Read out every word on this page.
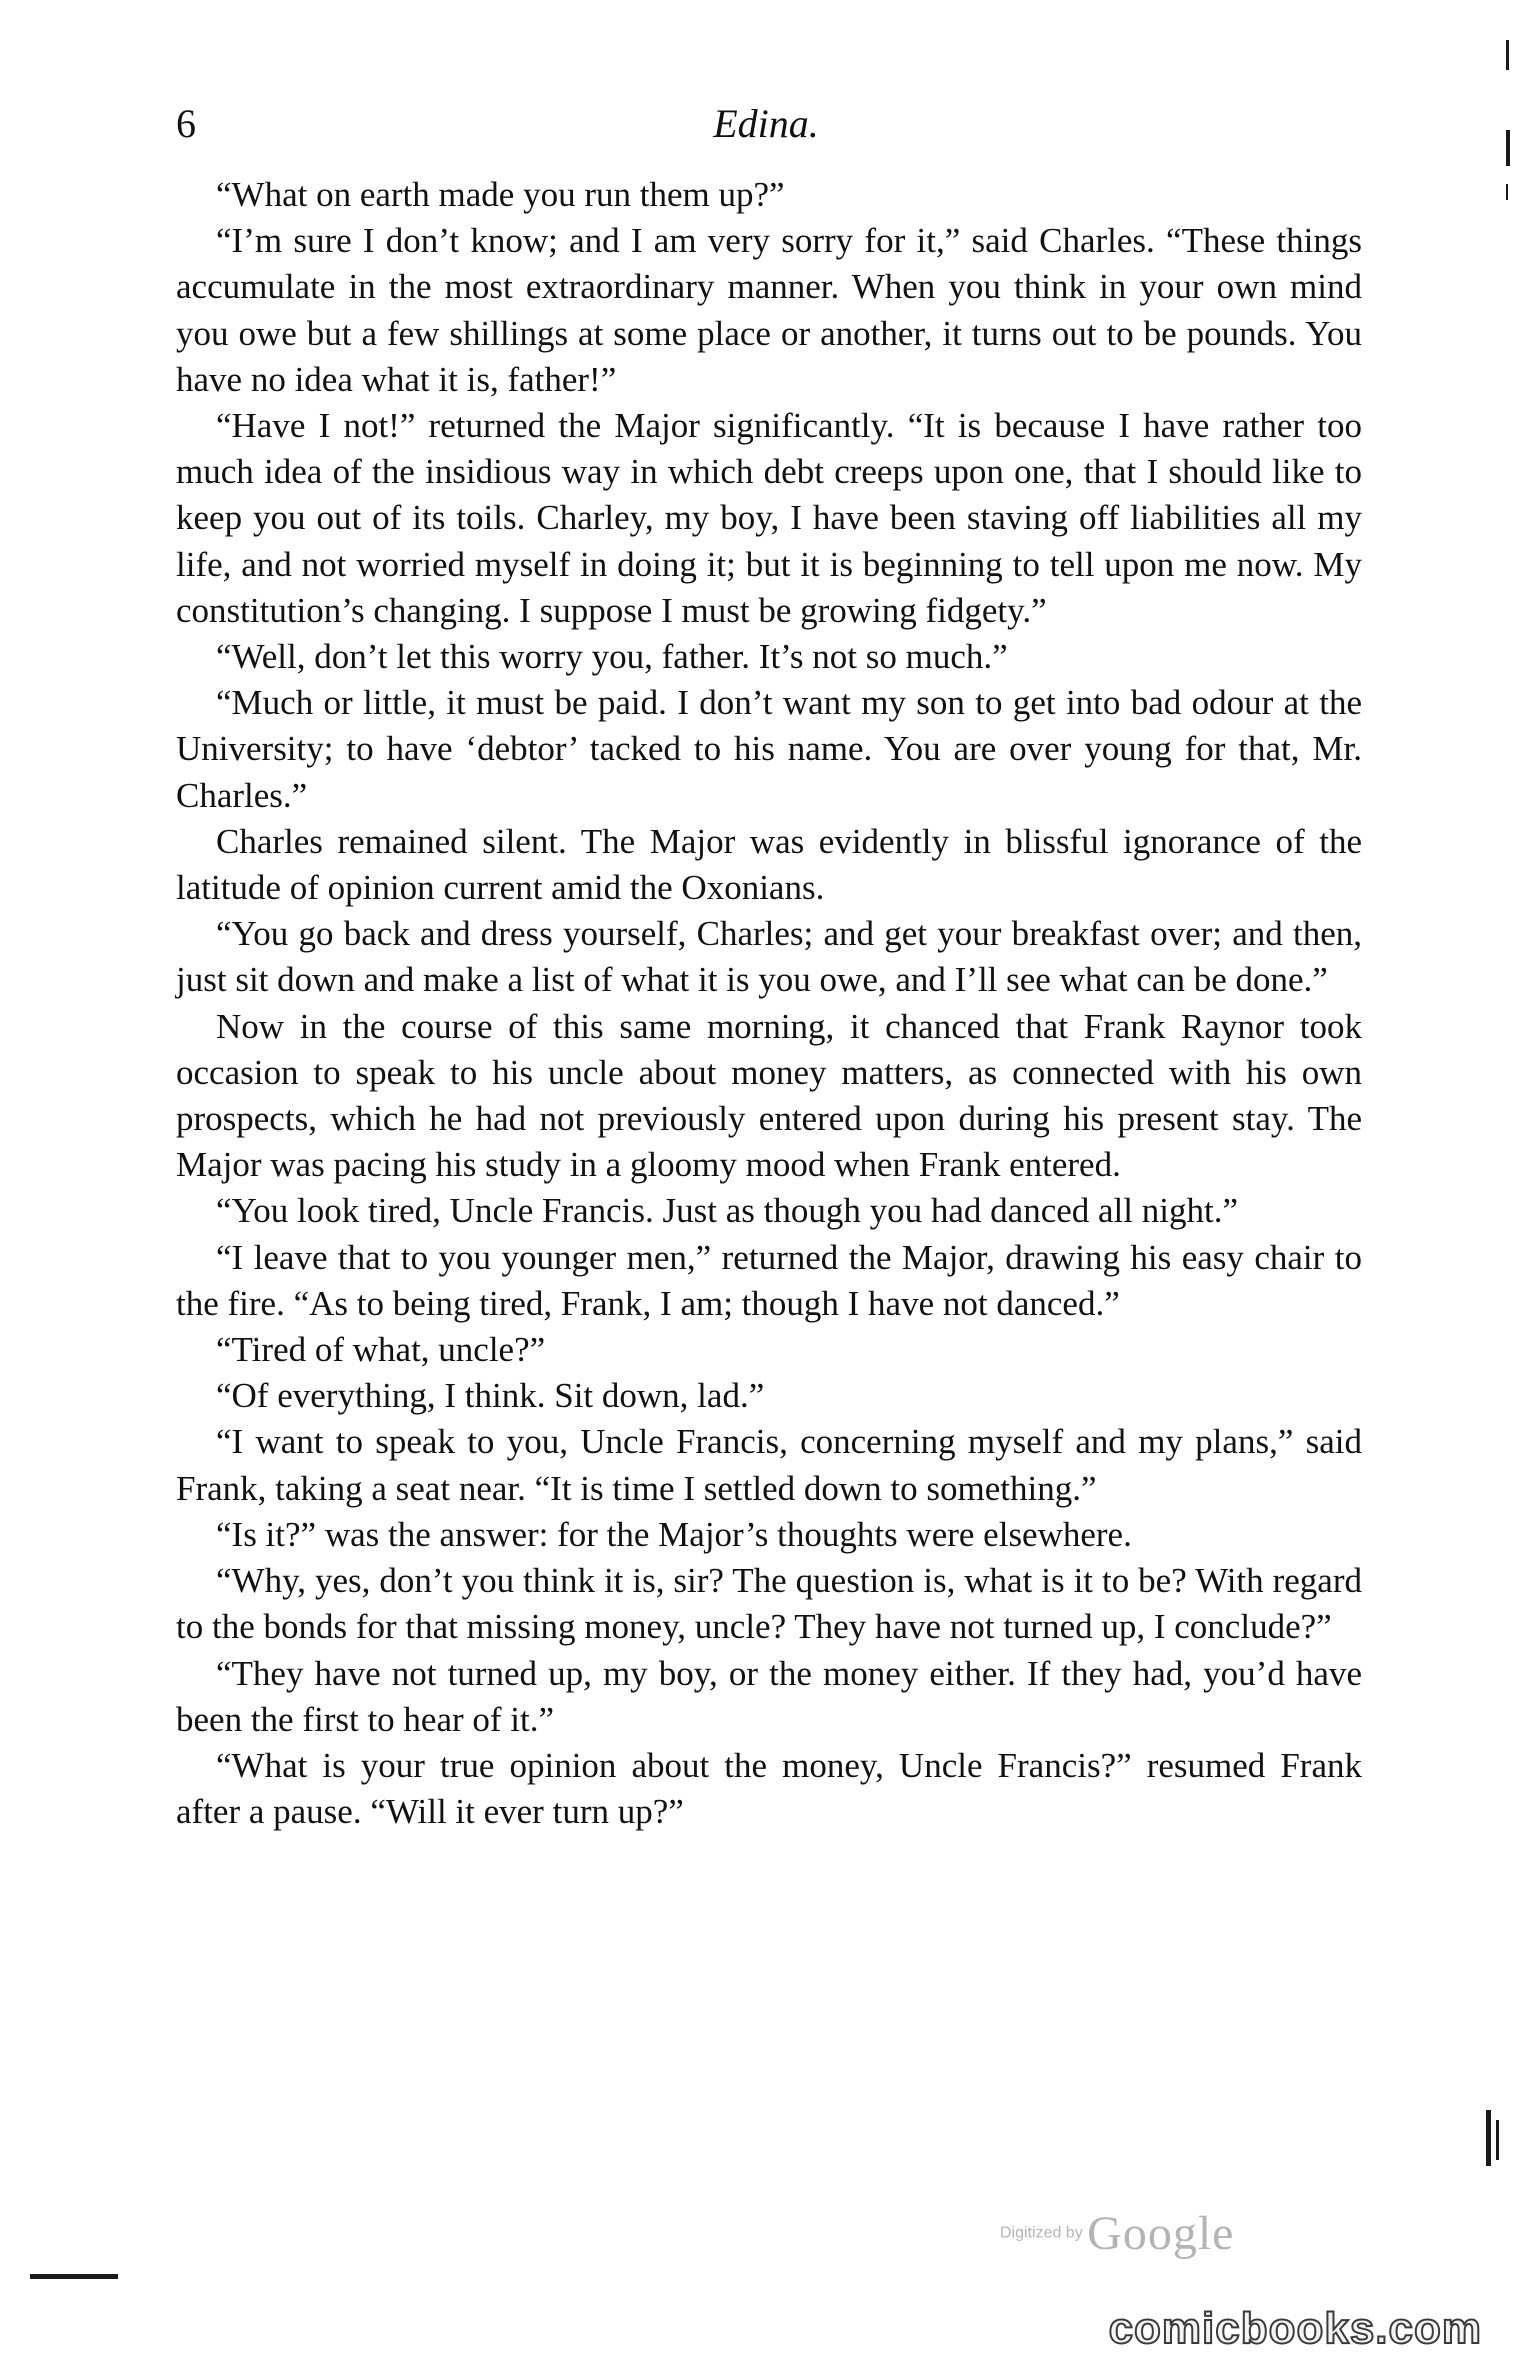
6	Edina.

“What on earth made you run them up?”

“I’m sure I don’t know; and I am very sorry for it,” said Charles. “These things accumulate in the most extraordinary manner. When you think in your own mind you owe but a few shillings at some place or another, it turns out to be pounds. You have no idea what it is, father!”

“Have I not!” returned the Major significantly. “It is because I have rather too much idea of the insidious way in which debt creeps upon one, that I should like to keep you out of its toils. Charley, my boy, I have been staving off liabilities all my life, and not worried myself in doing it; but it is beginning to tell upon me now. My constitution’s changing. I suppose I must be growing fidgety.”

“Well, don’t let this worry you, father. It’s not so much.”

“Much or little, it must be paid. I don’t want my son to get into bad odour at the University; to have ‘debtor’ tacked to his name. You are over young for that, Mr. Charles.”

Charles remained silent. The Major was evidently in blissful ignorance of the latitude of opinion current amid the Oxonians.

“You go back and dress yourself, Charles; and get your breakfast over; and then, just sit down and make a list of what it is you owe, and I’ll see what can be done.”

Now in the course of this same morning, it chanced that Frank Raynor took occasion to speak to his uncle about money matters, as connected with his own prospects, which he had not previously entered upon during his present stay. The Major was pacing his study in a gloomy mood when Frank entered.

“You look tired, Uncle Francis. Just as though you had danced all night.”

“I leave that to you younger men,” returned the Major, drawing his easy chair to the fire. “As to being tired, Frank, I am; though I have not danced.”

“Tired of what, uncle?”

“Of everything, I think. Sit down, lad.”

“I want to speak to you, Uncle Francis, concerning myself and my plans,” said Frank, taking a seat near. “It is time I settled down to something.”

“Is it?” was the answer: for the Major’s thoughts were elsewhere.

“Why, yes, don’t you think it is, sir? The question is, what is it to be? With regard to the bonds for that missing money, uncle? They have not turned up, I conclude?”

“They have not turned up, my boy, or the money either. If they had, you’d have been the first to hear of it.”

“What is your true opinion about the money, Uncle Francis?” resumed Frank after a pause. “Will it ever turn up?”

Digitized by Google
comicbooks.com
